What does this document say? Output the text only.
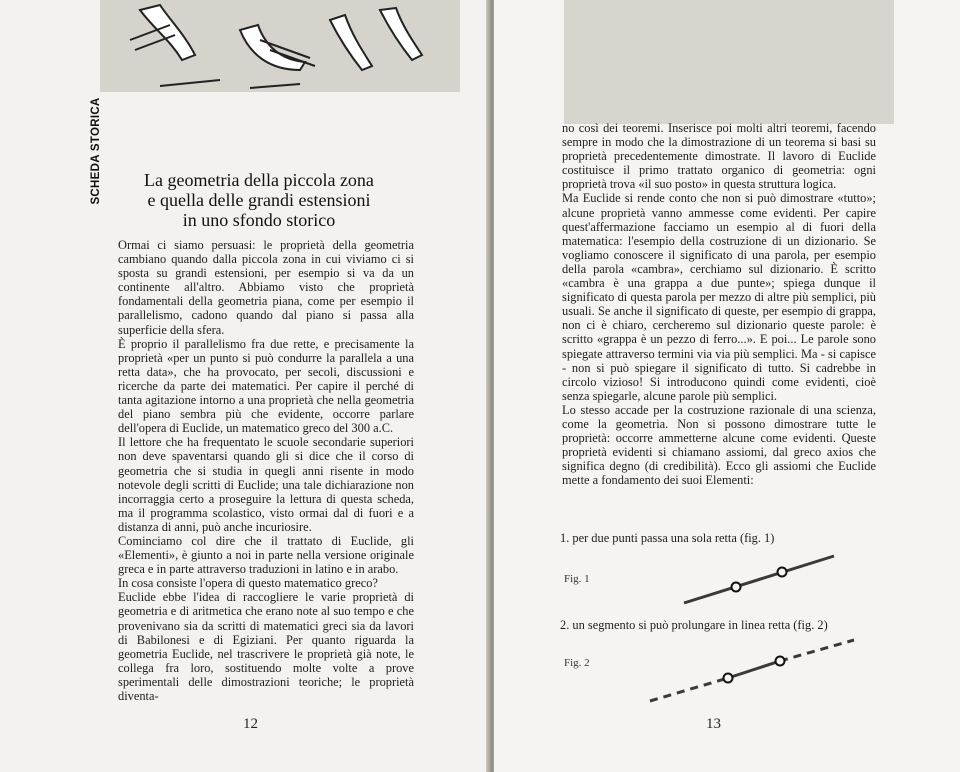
SCHEDA STORICA	La geometria della piccola zona
e quella delle grandi estensioni
in uno sfondo storico

Ormai ci siamo persuasi: le proprietà della geometria cambiano quando dalla piccola zona in cui viviamo ci si sposta su grandi estensioni, per esempio si va da un continente all'altro. Abbiamo visto che proprietà fondamentali della geometria piana, come per esempio il parallelismo, cadono quando dal piano si passa alla superficie della sfera.

È proprio il parallelismo fra due rette, e precisamente la proprietà «per un punto si può condurre la parallela a una retta data», che ha provocato, per secoli, discussioni e ricerche da parte dei matematici. Per capire il perché di tanta agitazione intorno a una proprietà che nella geometria del piano sembra più che evidente, occorre parlare dell'opera di Euclide, un matematico greco del 300 a.C.

Il lettore che ha frequentato le scuole secondarie superiori non deve spaventarsi quando gli si dice che il corso di geometria che si studia in quegli anni risente in modo notevole degli scritti di Euclide; una tale dichiarazione non incorraggia certo a proseguire la lettura di questa scheda, ma il programma scolastico, visto ormai dal di fuori e a distanza di anni, può anche incuriosire.

Cominciamo col dire che il trattato di Euclide, gli «Elementi», è giunto a noi in parte nella versione originale greca e in parte attraverso traduzioni in latino e in arabo.

In cosa consiste l'opera di questo matematico greco?

Euclide ebbe l'idea di raccogliere le varie proprietà di geometria e di aritmetica che erano note al suo tempo e che provenivano sia da scritti di matematici greci sia da lavori di Babilonesi e di Egiziani. Per quanto riguarda la geometria Euclide, nel trascrivere le proprietà già note, le collega fra loro, sostituendo molte volte a prove sperimentali delle dimostrazioni teoriche; le proprietà diventa-

12

no così dei teoremi. Inserisce poi molti altri teoremi, facendo sempre in modo che la dimostrazione di un teorema si basi su proprietà precedentemente dimostrate. Il lavoro di Euclide costituisce il primo trattato organico di geometria: ogni proprietà trova «il suo posto» in questa struttura logica.

Ma Euclide si rende conto che non si può dimostrare «tutto»; alcune proprietà vanno ammesse come evidenti. Per capire quest'affermazione facciamo un esempio al di fuori della matematica: l'esempio della costruzione di un dizionario. Se vogliamo conoscere il significato di una parola, per esempio della parola «cambra», cerchiamo sul dizionario. È scritto «cambra è una grappa a due punte»; spiega dunque il significato di questa parola per mezzo di altre più semplici, più usuali. Se anche il significato di queste, per esempio di grappa, non ci è chiaro, cercheremo sul dizionario queste parole: è scritto «grappa è un pezzo di ferro...». E poi... Le parole sono spiegate attraverso termini via via più semplici. Ma - si capisce - non si può spiegare il significato di tutto. Si cadrebbe in circolo vizioso! Si introducono quindi come evidenti, cioè senza spiegarle, alcune parole più semplici.

Lo stesso accade per la costruzione razionale di una scienza, come la geometria. Non si possono dimostrare tutte le proprietà: occorre ammetterne alcune come evidenti. Queste proprietà evidenti si chiamano assiomi, dal greco axios che significa degno (di credibilità). Ecco gli assiomi che Euclide mette a fondamento dei suoi Elementi:

1. per due punti passa una sola retta (fig. 1)
Fig. 1
2. un segmento si può prolungare in linea retta (fig. 2)
Fig. 2
13
